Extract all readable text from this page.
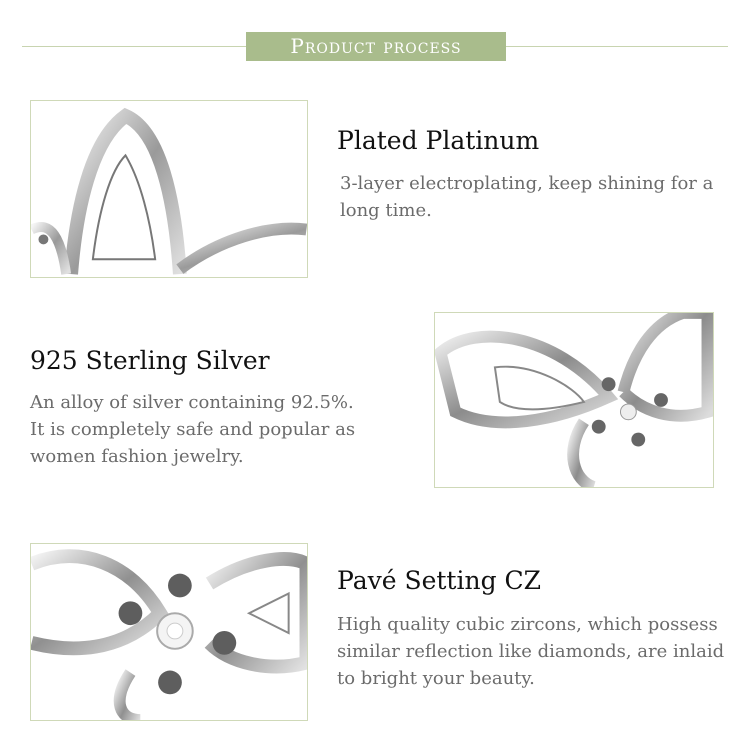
Product process
Plated Platinum
3-layer electroplating, keep shining for a long time.
925 Sterling Silver
An alloy of silver containing 92.5%. It is completely safe and popular as women fashion jewelry.
Pavé Setting CZ
High quality cubic zircons, which possess similar reflection like diamonds, are inlaid to bright your beauty.
